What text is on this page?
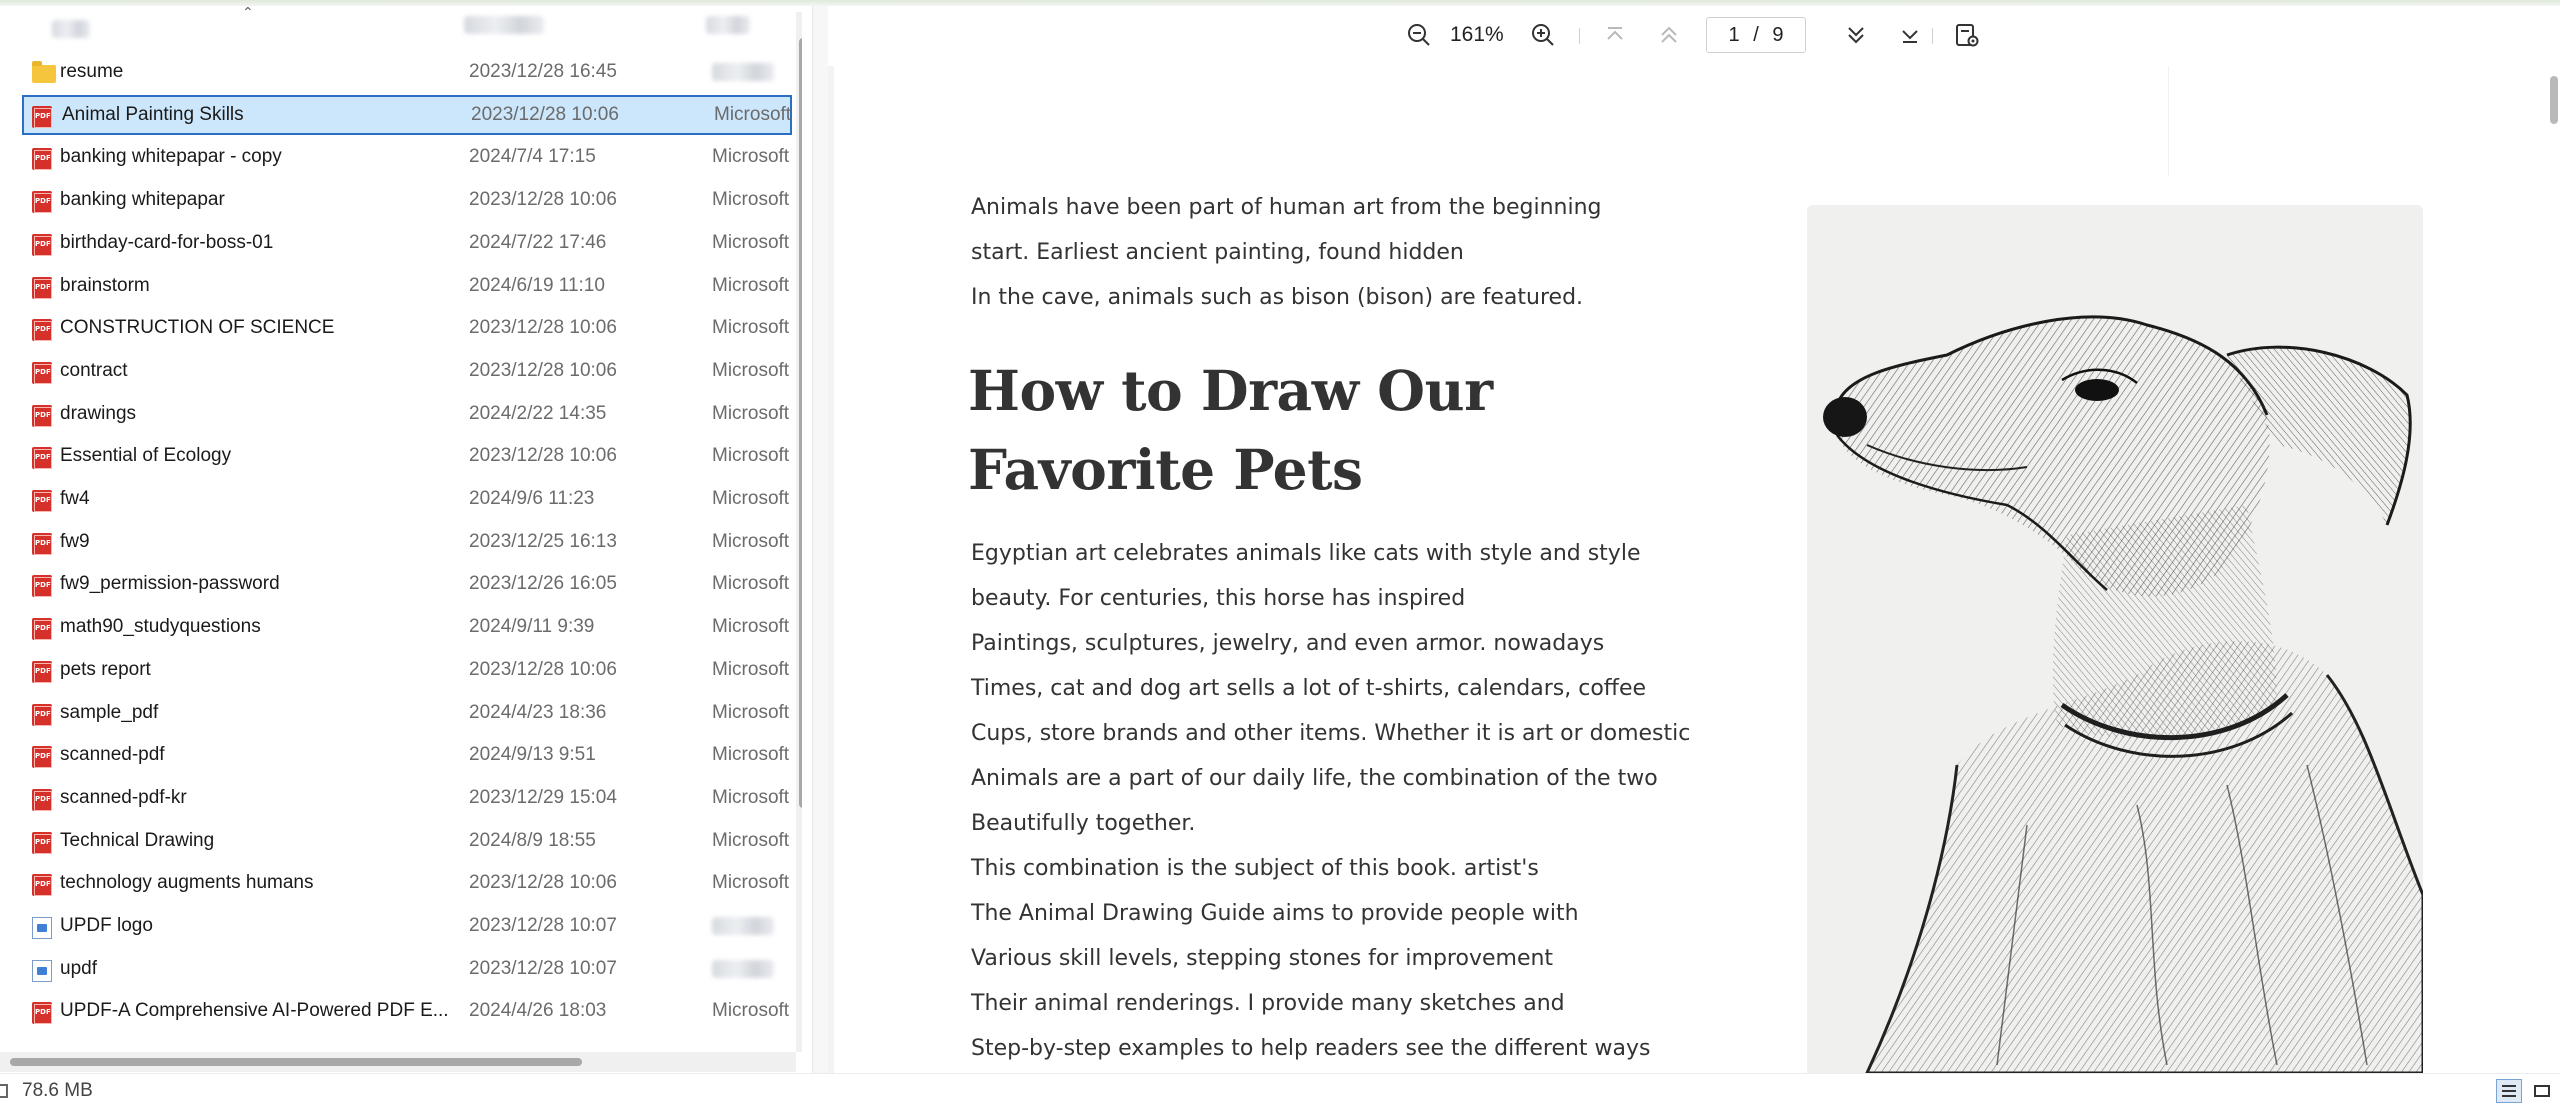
⌃
resume	2023/12/28 16:45
PDF
Animal Painting Skills	2023/12/28 10:06	Microsoft
PDF
banking whitepapar - copy	2024/7/4 17:15	Microsoft
PDF
banking whitepapar	2023/12/28 10:06	Microsoft
PDF
birthday-card-for-boss-01	2024/7/22 17:46	Microsoft
PDF
brainstorm	2024/6/19 11:10	Microsoft
PDF
CONSTRUCTION OF SCIENCE	2023/12/28 10:06	Microsoft
PDF
contract	2023/12/28 10:06	Microsoft
PDF
drawings	2024/2/22 14:35	Microsoft
PDF
Essential of Ecology	2023/12/28 10:06	Microsoft
PDF
fw4	2024/9/6 11:23	Microsoft
PDF
fw9	2023/12/25 16:13	Microsoft
PDF
fw9_permission-password	2023/12/26 16:05	Microsoft
PDF
math90_studyquestions	2024/9/11 9:39	Microsoft
PDF
pets report	2023/12/28 10:06	Microsoft
PDF
sample_pdf	2024/4/23 18:36	Microsoft
PDF
scanned-pdf	2024/9/13 9:51	Microsoft
PDF
scanned-pdf-kr	2023/12/29 15:04	Microsoft
PDF
Technical Drawing	2024/8/9 18:55	Microsoft
PDF
technology augments humans	2023/12/28 10:06	Microsoft
UPDF logo	2023/12/28 10:07
updf	2023/12/28 10:07
PDF
UPDF-A Comprehensive AI-Powered PDF E...	2024/4/26 18:03	Microsoft
161%	1 / 9
Animals have been part of human art from the beginning
start. Earliest ancient painting, found hidden
In the cave, animals such as bison (bison) are featured.
How to Draw Our
Favorite Pets
Egyptian art celebrates animals like cats with style and style
beauty. For centuries, this horse has inspired
Paintings, sculptures, jewelry, and even armor. nowadays
Times, cat and dog art sells a lot of t-shirts, calendars, coffee
Cups, store brands and other items. Whether it is art or domestic
Animals are a part of our daily life, the combination of the two
Beautifully together.
This combination is the subject of this book. artist's
The Animal Drawing Guide aims to provide people with
Various skill levels, stepping stones for improvement
Their animal renderings. I provide many sketches and
Step-by-step examples to help readers see the different ways
78.6 MB
